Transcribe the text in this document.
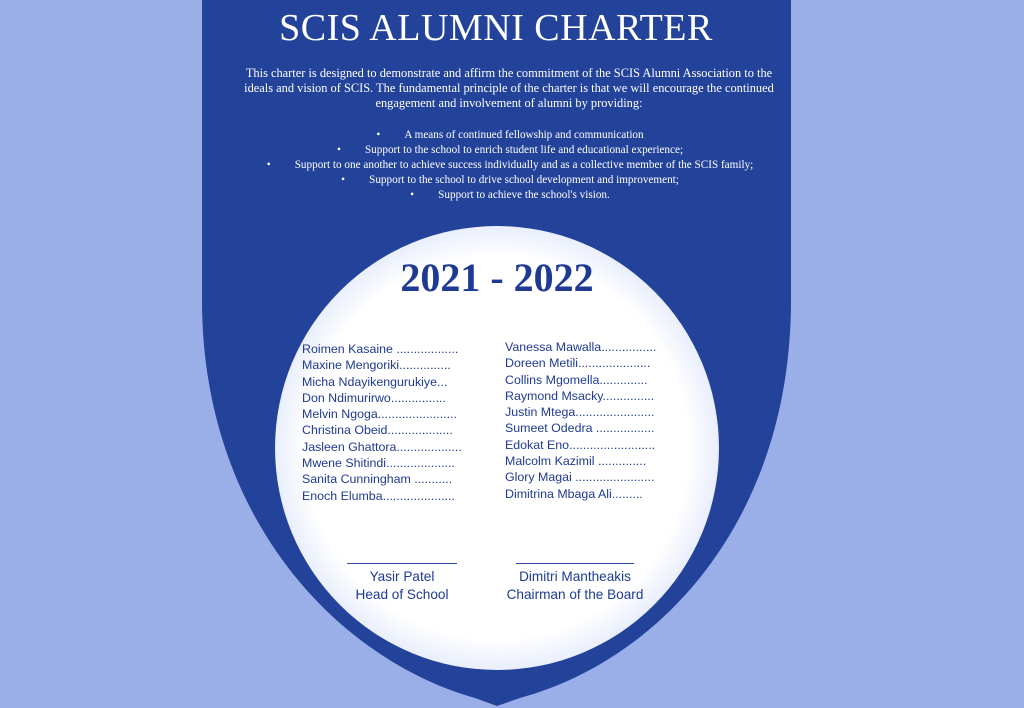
SCIS ALUMNI CHARTER

This charter is designed to demonstrate and affirm the commitment of the SCIS Alumni Association to the ideals and vision of SCIS. The fundamental principle of the charter is that we will encourage the continued engagement and involvement of alumni by providing:

• A means of continued fellowship and communication
• Support to the school to enrich student life and educational experience;
• Support to one another to achieve success individually and as a collective member of the SCIS family;
• Support to the school to drive school development and improvement;
• Support to achieve the school's vision.
2021 - 2022
Roimen Kasaine ..................
Maxine Mengoriki...............
Micha Ndayikengurukiye...
Don Ndimurirwo................
Melvin Ngoga.......................
Christina Obeid...................
Jasleen Ghattora...................
Mwene Shitindi....................
Sanita Cunningham ...........
Enoch Elumba.....................
Vanessa Mawalla................
Doreen Metili.....................
Collins Mgomella..............
Raymond Msacky...............
Justin Mtega.......................
Sumeet Odedra .................
Edokat Eno.........................
Malcolm Kazimil ..............
Glory Magai .......................
Dimitrina Mbaga Ali.........
Yasir Patel
Head of School
Dimitri Mantheakis
Chairman of the Board
